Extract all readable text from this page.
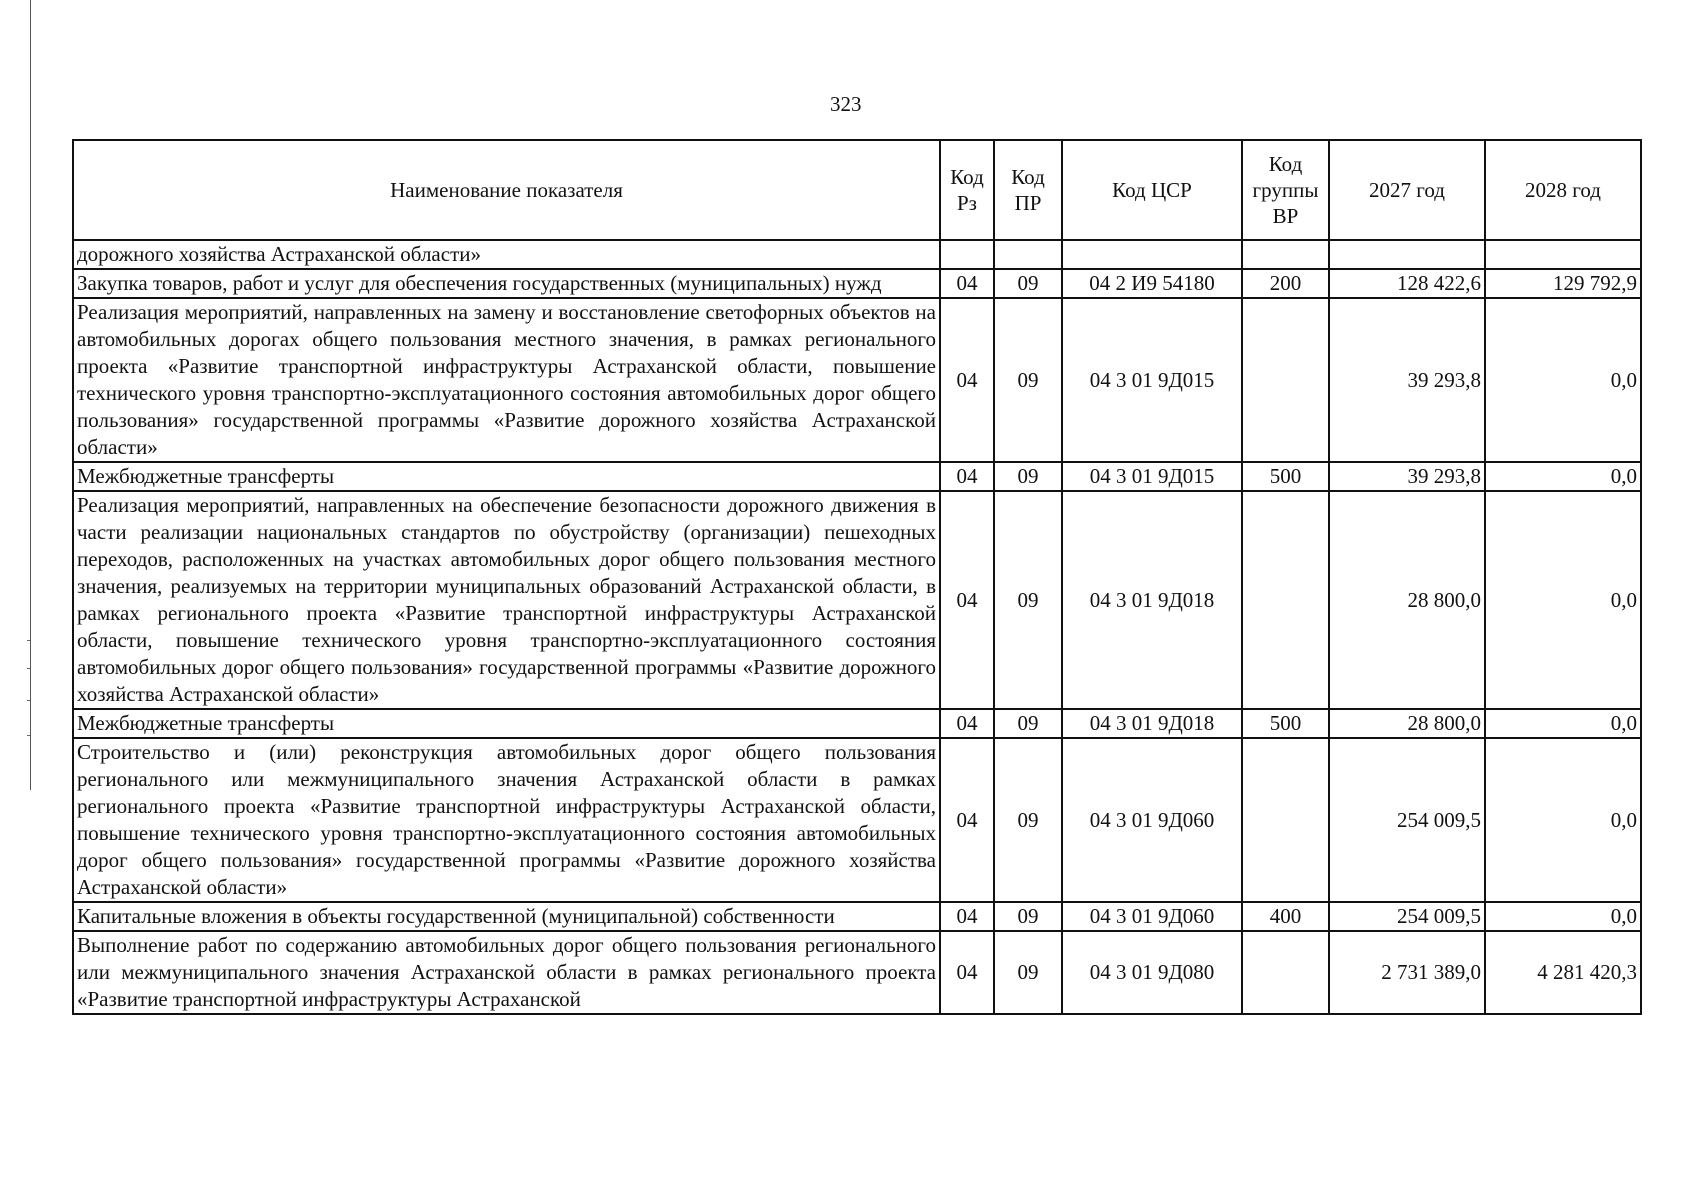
323
Наименование показателя	Код Рз	Код ПР	Код ЦСР	Код группы ВР	2027 год	2028 год
дорожного хозяйства Астраханской области»						
Закупка товаров, работ и услуг для обеспечения государственных (муниципальных) нужд	04	09	04 2 И9 54180	200	128 422,6	129 792,9
Реализация мероприятий, направленных на замену и восстановление светофорных объектов на автомобильных дорогах общего пользования местного значения, в рамках регионального проекта «Развитие транспортной инфраструктуры Астраханской области, повышение технического уровня транспортно-эксплуатационного состояния автомобильных дорог общего пользования» государственной программы «Развитие дорожного хозяйства Астраханской области»	04	09	04 3 01 9Д015		39 293,8	0,0
Межбюджетные трансферты	04	09	04 3 01 9Д015	500	39 293,8	0,0
Реализация мероприятий, направленных на обеспечение безопасности дорожного движения в части реализации национальных стандартов по обустройству (организации) пешеходных переходов, расположенных на участках автомобильных дорог общего пользования местного значения, реализуемых на территории муниципальных образований Астраханской области, в рамках регионального проекта «Развитие транспортной инфраструктуры Астраханской области, повышение технического уровня транспортно-эксплуатационного состояния автомобильных дорог общего пользования» государственной программы «Развитие дорожного хозяйства Астраханской области»	04	09	04 3 01 9Д018		28 800,0	0,0
Межбюджетные трансферты	04	09	04 3 01 9Д018	500	28 800,0	0,0
Строительство и (или) реконструкция автомобильных дорог общего пользования регионального или межмуниципального значения Астраханской области в рамках регионального проекта «Развитие транспортной инфраструктуры Астраханской области, повышение технического уровня транспортно-эксплуатационного состояния автомобильных дорог общего пользования» государственной программы «Развитие дорожного хозяйства Астраханской области»	04	09	04 3 01 9Д060		254 009,5	0,0
Капитальные вложения в объекты государственной (муниципальной) собственности	04	09	04 3 01 9Д060	400	254 009,5	0,0
Выполнение работ по содержанию автомобильных дорог общего пользования регионального или межмуниципального значения Астраханской области в рамках регионального проекта «Развитие транспортной инфраструктуры Астраханской	04	09	04 3 01 9Д080		2 731 389,0	4 281 420,3
